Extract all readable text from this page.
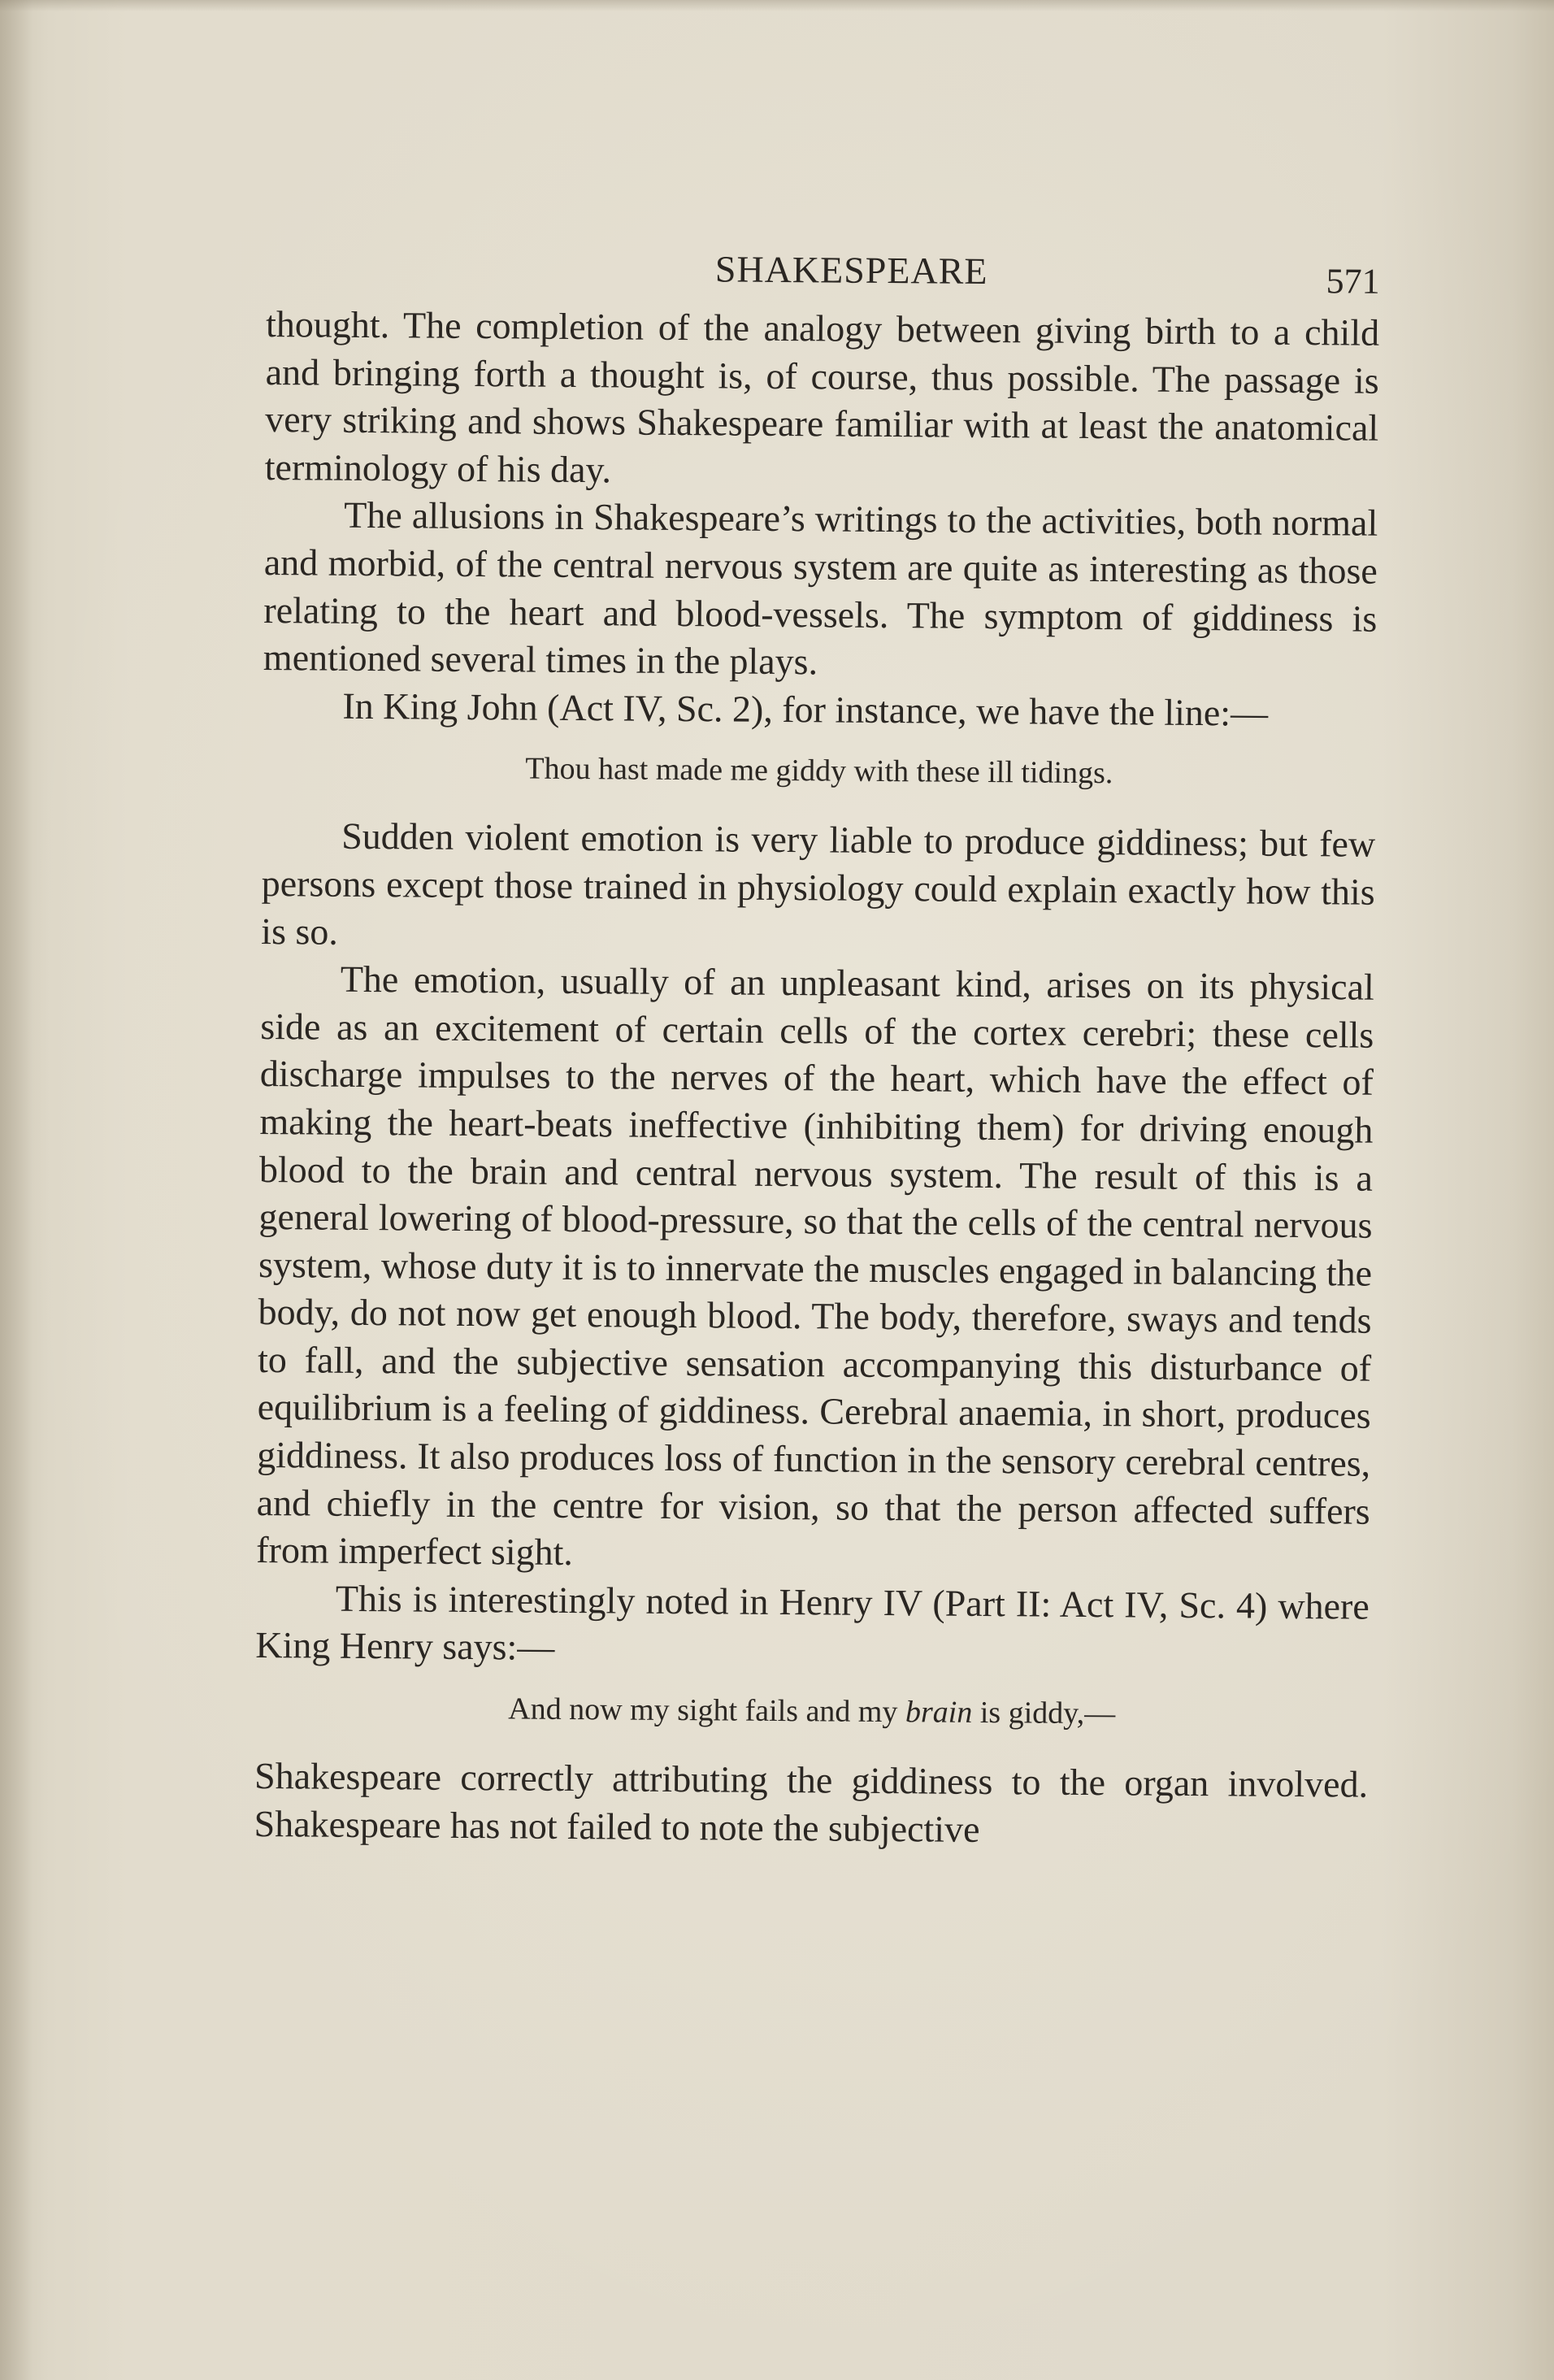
SHAKESPEARE	571

thought. The completion of the analogy between giving birth to a child and bringing forth a thought is, of course, thus possible. The passage is very striking and shows Shakespeare familiar with at least the anatomical terminology of his day.

The allusions in Shakespeare’s writings to the activities, both normal and morbid, of the central nervous system are quite as interesting as those relating to the heart and blood-vessels. The symptom of giddiness is mentioned several times in the plays.

In King John (Act IV, Sc. 2), for instance, we have the line:—

Thou hast made me giddy with these ill tidings.

Sudden violent emotion is very liable to produce giddiness; but few persons except those trained in physiology could explain exactly how this is so.

The emotion, usually of an unpleasant kind, arises on its physical side as an excitement of certain cells of the cortex cerebri; these cells discharge impulses to the nerves of the heart, which have the effect of making the heart-beats ineffective (inhibiting them) for driving enough blood to the brain and central nervous system. The result of this is a general lowering of blood-pressure, so that the cells of the central nervous system, whose duty it is to innervate the muscles engaged in balancing the body, do not now get enough blood. The body, therefore, sways and tends to fall, and the subjective sensation accompanying this disturbance of equilibrium is a feeling of giddiness. Cerebral anaemia, in short, produces giddiness. It also produces loss of function in the sensory cerebral centres, and chiefly in the centre for vision, so that the person affected suffers from imperfect sight.

This is interestingly noted in Henry IV (Part II: Act IV, Sc. 4) where King Henry says:—

And now my sight fails and my brain is giddy,—

Shakespeare correctly attributing the giddiness to the organ involved. Shakespeare has not failed to note the subjective
